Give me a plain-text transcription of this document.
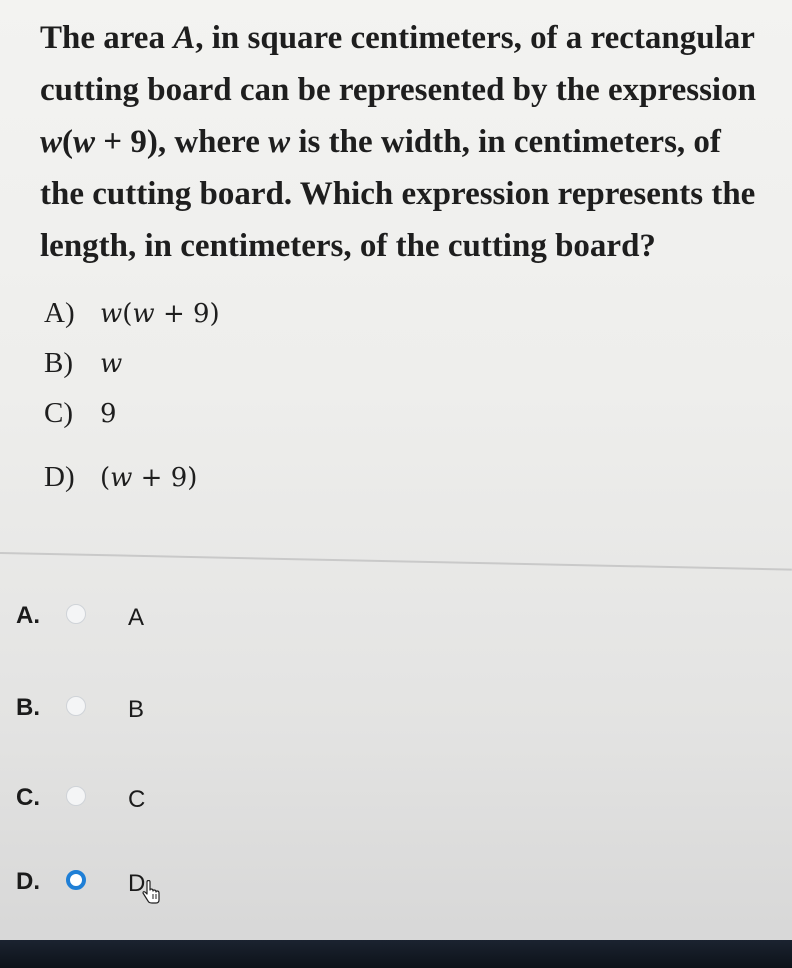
The area A, in square centimeters, of a rectangular
cutting board can be represented by the expression
w(w + 9), where w is the width, in centimeters, of
the cutting board. Which expression represents the
length, in centimeters, of the cutting board?
A) w(w + 9)
B) w
C) 9
D) (w + 9)
A.	A
B.	B
C.	C
D.	D
